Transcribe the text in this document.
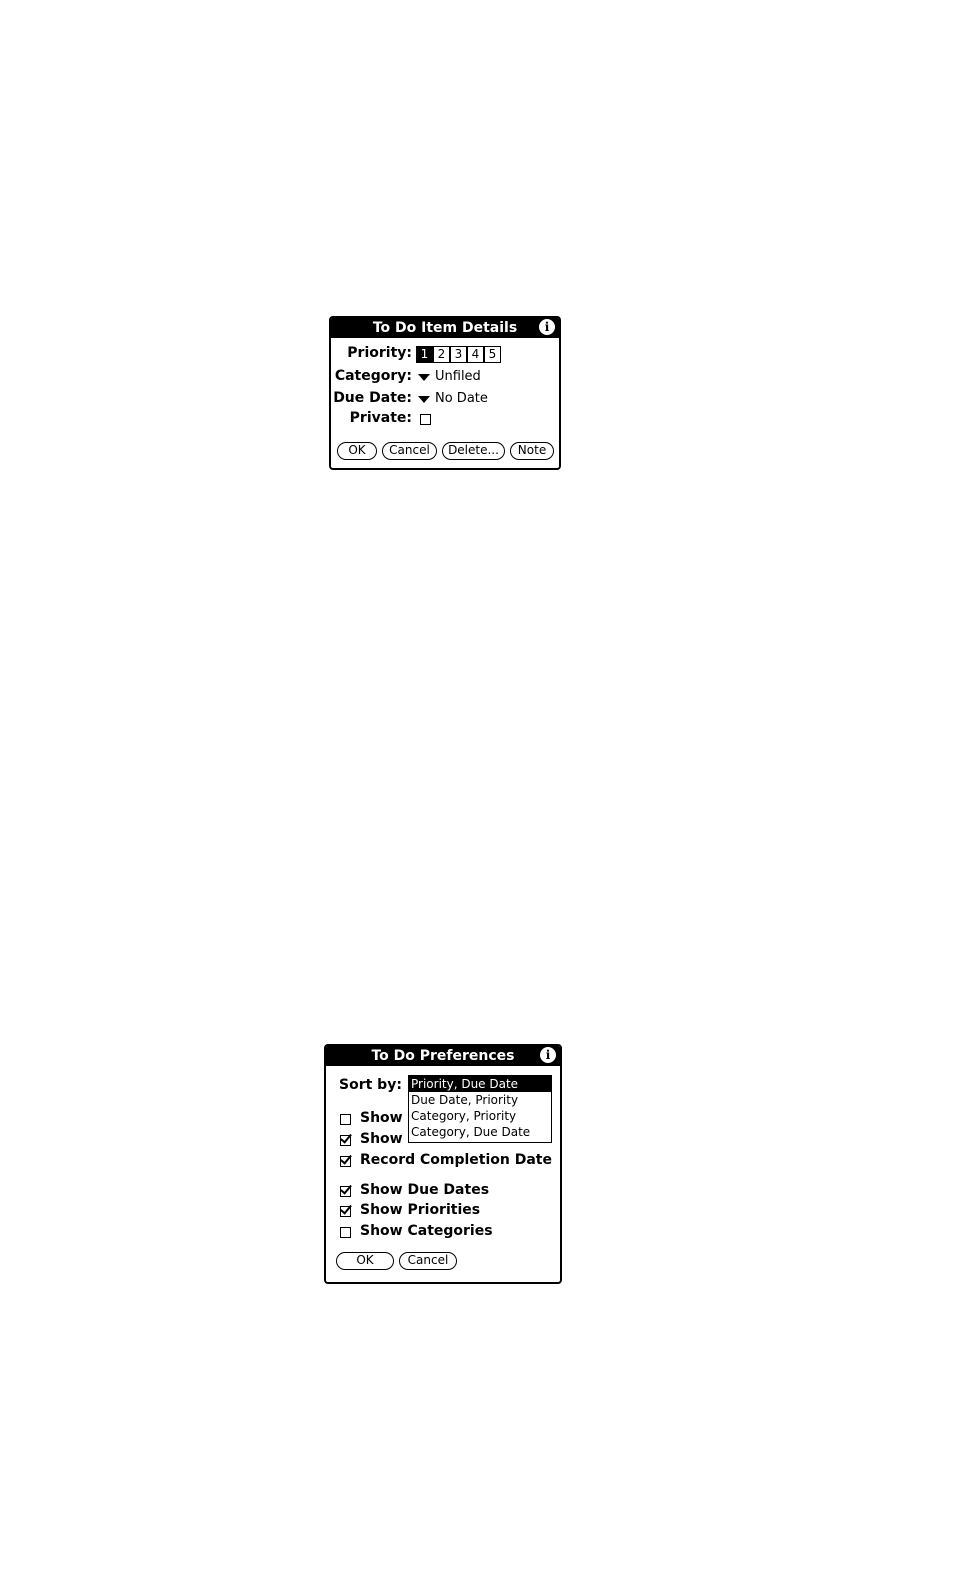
To Do Item Details	i
Priority: 1 2 3 4 5
Category: Unfiled
Due Date: No Date
Private:
OK	Cancel	Delete...	Note
To Do Preferences	i
Sort by:
Show
Show
Record Completion Date
Show Due Dates
Show Priorities
Show Categories
Priority, Due Date
Due Date, Priority
Category, Priority
Category, Due Date
OK	Cancel
